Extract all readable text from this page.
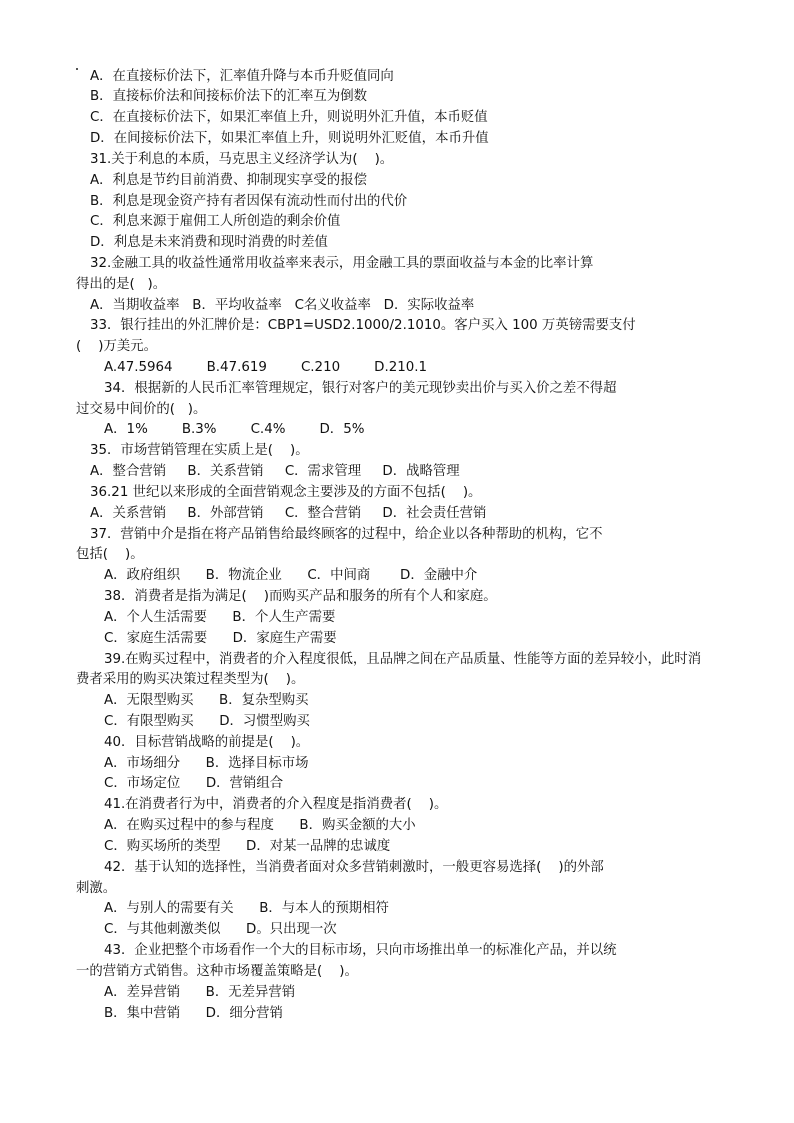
A．在直接标价法下，汇率值升降与本币升贬值同向
B．直接标价法和间接标价法下的汇率互为倒数
C．在直接标价法下，如果汇率值上升，则说明外汇升值，本币贬值
D．在间接标价法下，如果汇率值上升，则说明外汇贬值，本币升值
31.关于利息的本质，马克思主义经济学认为(    )。
A．利息是节约目前消费、抑制现实享受的报偿
B．利息是现金资产持有者因保有流动性而付出的代价
C．利息来源于雇佣工人所创造的剩余价值
D．利息是未来消费和现时消费的时差值
32.金融工具的收益性通常用收益率来表示，用金融工具的票面收益与本金的比率计算
得出的是(   )。
A．当期收益率   B．平均收益率   C名义收益率   D．实际收益率
33．银行挂出的外汇牌价是：CBP1=USD2.1000/2.1010。客户买入 100 万英镑需要支付
(    )万美元。
A.47.5964        B.47.619        C.210        D.210.1
34．根据新的人民币汇率管理规定，银行对客户的美元现钞卖出价与买入价之差不得超
过交易中间价的(   )。
A．1%        B.3%        C.4%        D．5%
35．市场营销管理在实质上是(    )。
A．整合营销     B．关系营销     C．需求管理     D．战略管理
36.21 世纪以来形成的全面营销观念主要涉及的方面不包括(    )。
A．关系营销     B．外部营销     C．整合营销     D．社会责任营销
37．营销中介是指在将产品销售给最终顾客的过程中，给企业以各种帮助的机构，它不
包括(    )。
A．政府组织      B．物流企业      C．中间商       D．金融中介
38．消费者是指为满足(    )而购买产品和服务的所有个人和家庭。
A．个人生活需要      B．个人生产需要
C．家庭生活需要      D．家庭生产需要
39.在购买过程中，消费者的介入程度很低，且品牌之间在产品质量、性能等方面的差异较小，此时消
费者采用的购买决策过程类型为(    )。
A．无限型购买      B．复杂型购买
C．有限型购买      D．习惯型购买
40．目标营销战略的前提是(    )。
A．市场细分      B．选择目标市场
C．市场定位      D．营销组合
41.在消费者行为中，消费者的介入程度是指消费者(    )。
A．在购买过程中的参与程度      B．购买金额的大小
C．购买场所的类型      D．对某一品牌的忠诚度
42．基于认知的选择性，当消费者面对众多营销刺激时，一般更容易选择(    )的外部
刺激。
A．与别人的需要有关      B．与本人的预期相符
C．与其他刺激类似      D。只出现一次
43．企业把整个市场看作一个大的目标市场，只向市场推出单一的标准化产品，并以统
一的营销方式销售。这种市场覆盖策略是(    )。
A．差异营销      B．无差异营销
B．集中营销      D．细分营销
